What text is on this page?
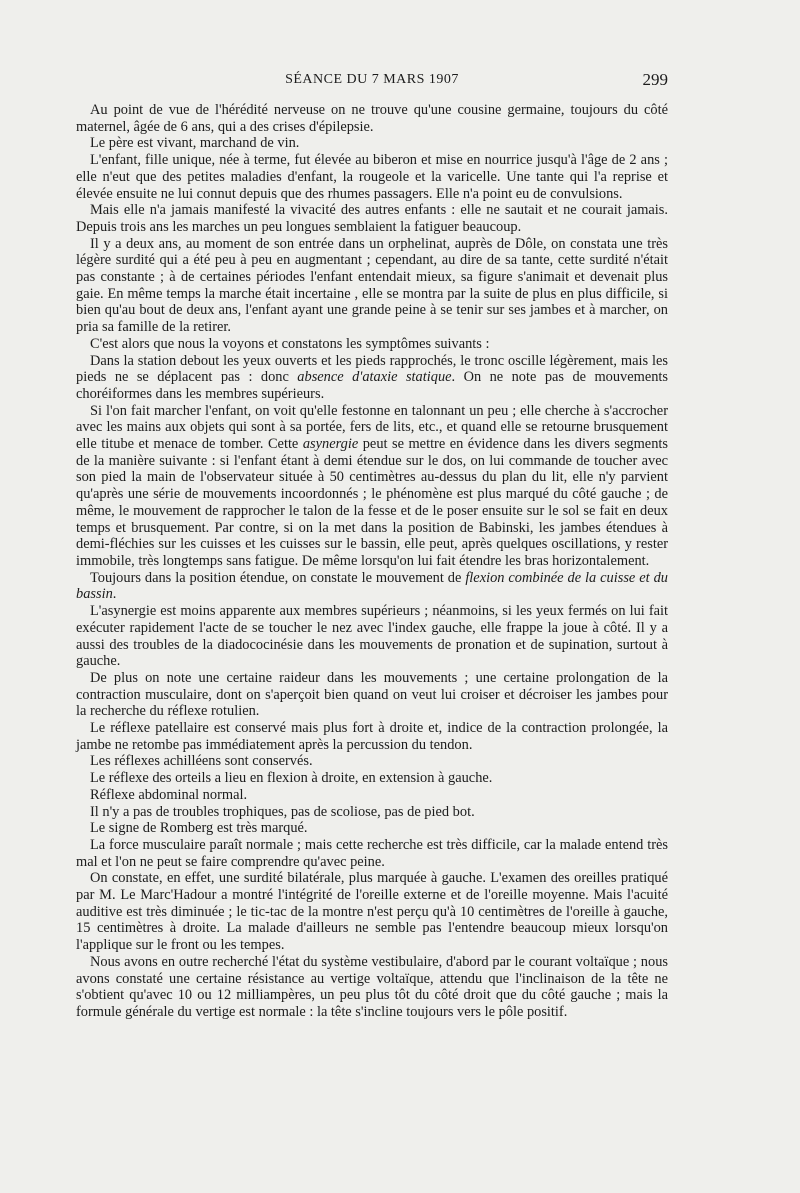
SÉANCE DU 7 MARS 1907	299

Au point de vue de l'hérédité nerveuse on ne trouve qu'une cousine germaine, toujours du côté maternel, âgée de 6 ans, qui a des crises d'épilepsie.

Le père est vivant, marchand de vin.

L'enfant, fille unique, née à terme, fut élevée au biberon et mise en nourrice jusqu'à l'âge de 2 ans ; elle n'eut que des petites maladies d'enfant, la rougeole et la varicelle. Une tante qui l'a reprise et élevée ensuite ne lui connut depuis que des rhumes passagers. Elle n'a point eu de convulsions.

Mais elle n'a jamais manifesté la vivacité des autres enfants : elle ne sautait et ne courait jamais. Depuis trois ans les marches un peu longues semblaient la fatiguer beaucoup.

Il y a deux ans, au moment de son entrée dans un orphelinat, auprès de Dôle, on constata une très légère surdité qui a été peu à peu en augmentant ; cependant, au dire de sa tante, cette surdité n'était pas constante ; à de certaines périodes l'enfant entendait mieux, sa figure s'animait et devenait plus gaie. En même temps la marche était incertaine , elle se montra par la suite de plus en plus difficile, si bien qu'au bout de deux ans, l'enfant ayant une grande peine à se tenir sur ses jambes et à marcher, on pria sa famille de la retirer.

C'est alors que nous la voyons et constatons les symptômes suivants :

Dans la station debout les yeux ouverts et les pieds rapprochés, le tronc oscille légèrement, mais les pieds ne se déplacent pas : donc absence d'ataxie statique. On ne note pas de mouvements choréiformes dans les membres supérieurs.

Si l'on fait marcher l'enfant, on voit qu'elle festonne en talonnant un peu ; elle cherche à s'accrocher avec les mains aux objets qui sont à sa portée, fers de lits, etc., et quand elle se retourne brusquement elle titube et menace de tomber. Cette asynergie peut se mettre en évidence dans les divers segments de la manière suivante : si l'enfant étant à demi étendue sur le dos, on lui commande de toucher avec son pied la main de l'observateur située à 50 centimètres au-dessus du plan du lit, elle n'y parvient qu'après une série de mouvements incoordonnés ; le phénomène est plus marqué du côté gauche ; de même, le mouvement de rapprocher le talon de la fesse et de le poser ensuite sur le sol se fait en deux temps et brusquement. Par contre, si on la met dans la position de Babinski, les jambes étendues à demi-fléchies sur les cuisses et les cuisses sur le bassin, elle peut, après quelques oscillations, y rester immobile, très longtemps sans fatigue. De même lorsqu'on lui fait étendre les bras horizontalement.

Toujours dans la position étendue, on constate le mouvement de flexion combinée de la cuisse et du bassin.

L'asynergie est moins apparente aux membres supérieurs ; néanmoins, si les yeux fermés on lui fait exécuter rapidement l'acte de se toucher le nez avec l'index gauche, elle frappe la joue à côté. Il y a aussi des troubles de la diadococinésie dans les mouvements de pronation et de supination, surtout à gauche.

De plus on note une certaine raideur dans les mouvements ; une certaine prolongation de la contraction musculaire, dont on s'aperçoit bien quand on veut lui croiser et décroiser les jambes pour la recherche du réflexe rotulien.

Le réflexe patellaire est conservé mais plus fort à droite et, indice de la contraction prolongée, la jambe ne retombe pas immédiatement après la percussion du tendon.

Les réflexes achilléens sont conservés.

Le réflexe des orteils a lieu en flexion à droite, en extension à gauche.

Réflexe abdominal normal.

Il n'y a pas de troubles trophiques, pas de scoliose, pas de pied bot.

Le signe de Romberg est très marqué.

La force musculaire paraît normale ; mais cette recherche est très difficile, car la malade entend très mal et l'on ne peut se faire comprendre qu'avec peine.

On constate, en effet, une surdité bilatérale, plus marquée à gauche. L'examen des oreilles pratiqué par M. Le Marc'Hadour a montré l'intégrité de l'oreille externe et de l'oreille moyenne. Mais l'acuité auditive est très diminuée ; le tic-tac de la montre n'est perçu qu'à 10 centimètres de l'oreille à gauche, 15 centimètres à droite. La malade d'ailleurs ne semble pas l'entendre beaucoup mieux lorsqu'on l'applique sur le front ou les tempes.

Nous avons en outre recherché l'état du système vestibulaire, d'abord par le courant voltaïque ; nous avons constaté une certaine résistance au vertige voltaïque, attendu que l'inclinaison de la tête ne s'obtient qu'avec 10 ou 12 milliampères, un peu plus tôt du côté droit que du côté gauche ; mais la formule générale du vertige est normale : la tête s'incline toujours vers le pôle positif.
